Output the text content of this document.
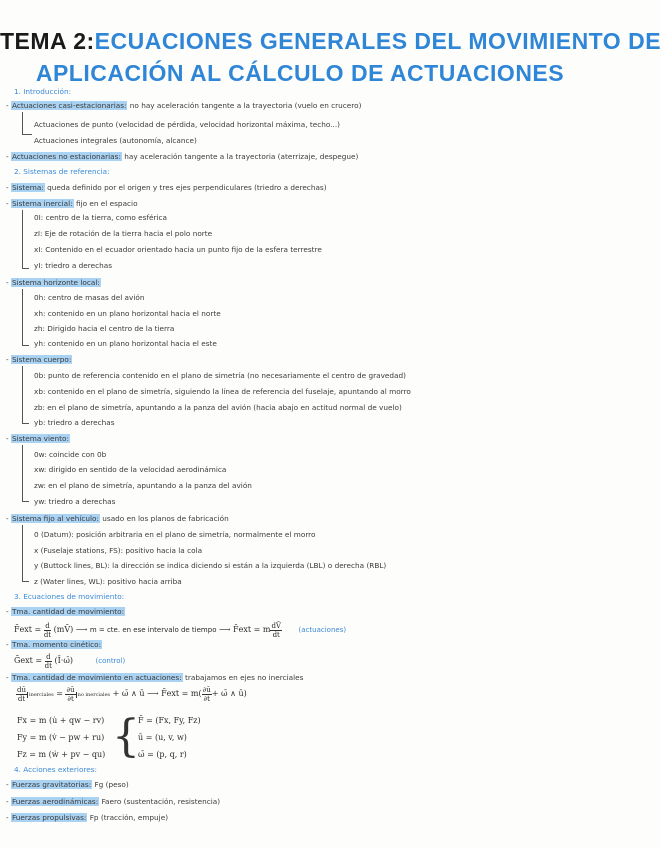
TEMA 2:ECUACIONES GENERALES DEL MOVIMIENTO DE
APLICACIÓN AL CÁLCULO DE ACTUACIONES
1. Introducción:
- Actuaciones casi-estacionarias: no hay aceleración tangente a la trayectoria (vuelo en crucero)
Actuaciones de punto (velocidad de pérdida, velocidad horizontal máxima, techo...)
Actuaciones integrales (autonomía, alcance)
- Actuaciones no estacionarias: hay aceleración tangente a la trayectoria (aterrizaje, despegue)
2. Sistemas de referencia:
- Sistema: queda definido por el origen y tres ejes perpendiculares (triedro a derechas)
- Sistema inercial: fijo en el espacio
0I: centro de la tierra, como esférica
zI: Eje de rotación de la tierra hacia el polo norte
xI: Contenido en el ecuador orientado hacia un punto fijo de la esfera terrestre
yI: triedro a derechas
- Sistema horizonte local:
0h: centro de masas del avión
xh: contenido en un plano horizontal hacia el norte
zh: Dirigido hacia el centro de la tierra
yh: contenido en un plano horizontal hacia el este
- Sistema cuerpo:
0b: punto de referencia contenido en el plano de simetría (no necesariamente el centro de gravedad)
xb: contenido en el plano de simetría, siguiendo la línea de referencia del fuselaje, apuntando al morro
zb: en el plano de simetría, apuntando a la panza del avión (hacia abajo en actitud normal de vuelo)
yb: triedro a derechas
- Sistema viento:
0w: coincide con 0b
xw: dirigido en sentido de la velocidad aerodinámica
zw: en el plano de simetría, apuntando a la panza del avión
yw: triedro a derechas
- Sistema fijo al vehículo: usado en los planos de fabricación
0 (Datum): posición arbitraria en el plano de simetría, normalmente el morro
x (Fuselaje stations, FS): positivo hacia la cola
y (Buttock lines, BL): la dirección se indica diciendo si están a la izquierda (LBL) o derecha (RBL)
z (Water lines, WL): positivo hacia arriba
3. Ecuaciones de movimiento:
- Tma. cantidad de movimiento:
F̄ext = $\frac{d}{dt}$ (mV̄) ⟶ m = cte. en ese intervalo de tiempo ⟶ F̄ext = m $\frac{dV̄}{dt}$ (actuaciones)
- Tma. momento cinético:
Ḡext = $\frac{d}{dt}$ (Ī·ω̄)	(control)
- Tma. cantidad de movimiento en actuaciones: trabajamos en ejes no inerciales
$\frac{dū}{dt}$ inerciales = $\frac{\partial ū}{\partial t}$ no inerciales + ω̄ ∧ ū ⟶ F̄ext = $m( \frac{\partial ū}{\partial t}$ + ω̄ ∧ ū)
Fx = m (u̇ + qw − rv)
Fy = m (v̇ − pw + ru)
Fz = m (ẇ + pv − qu) {
F̄ = (Fx, Fy, Fz)
ū = (u, v, w)
ω̄ = (p, q, r)
4. Acciones exteriores:
- Fuerzas gravitatorias: Fg (peso)
- Fuerzas aerodinámicas: Faero (sustentación, resistencia)
- Fuerzas propulsivas: Fp (tracción, empuje)
